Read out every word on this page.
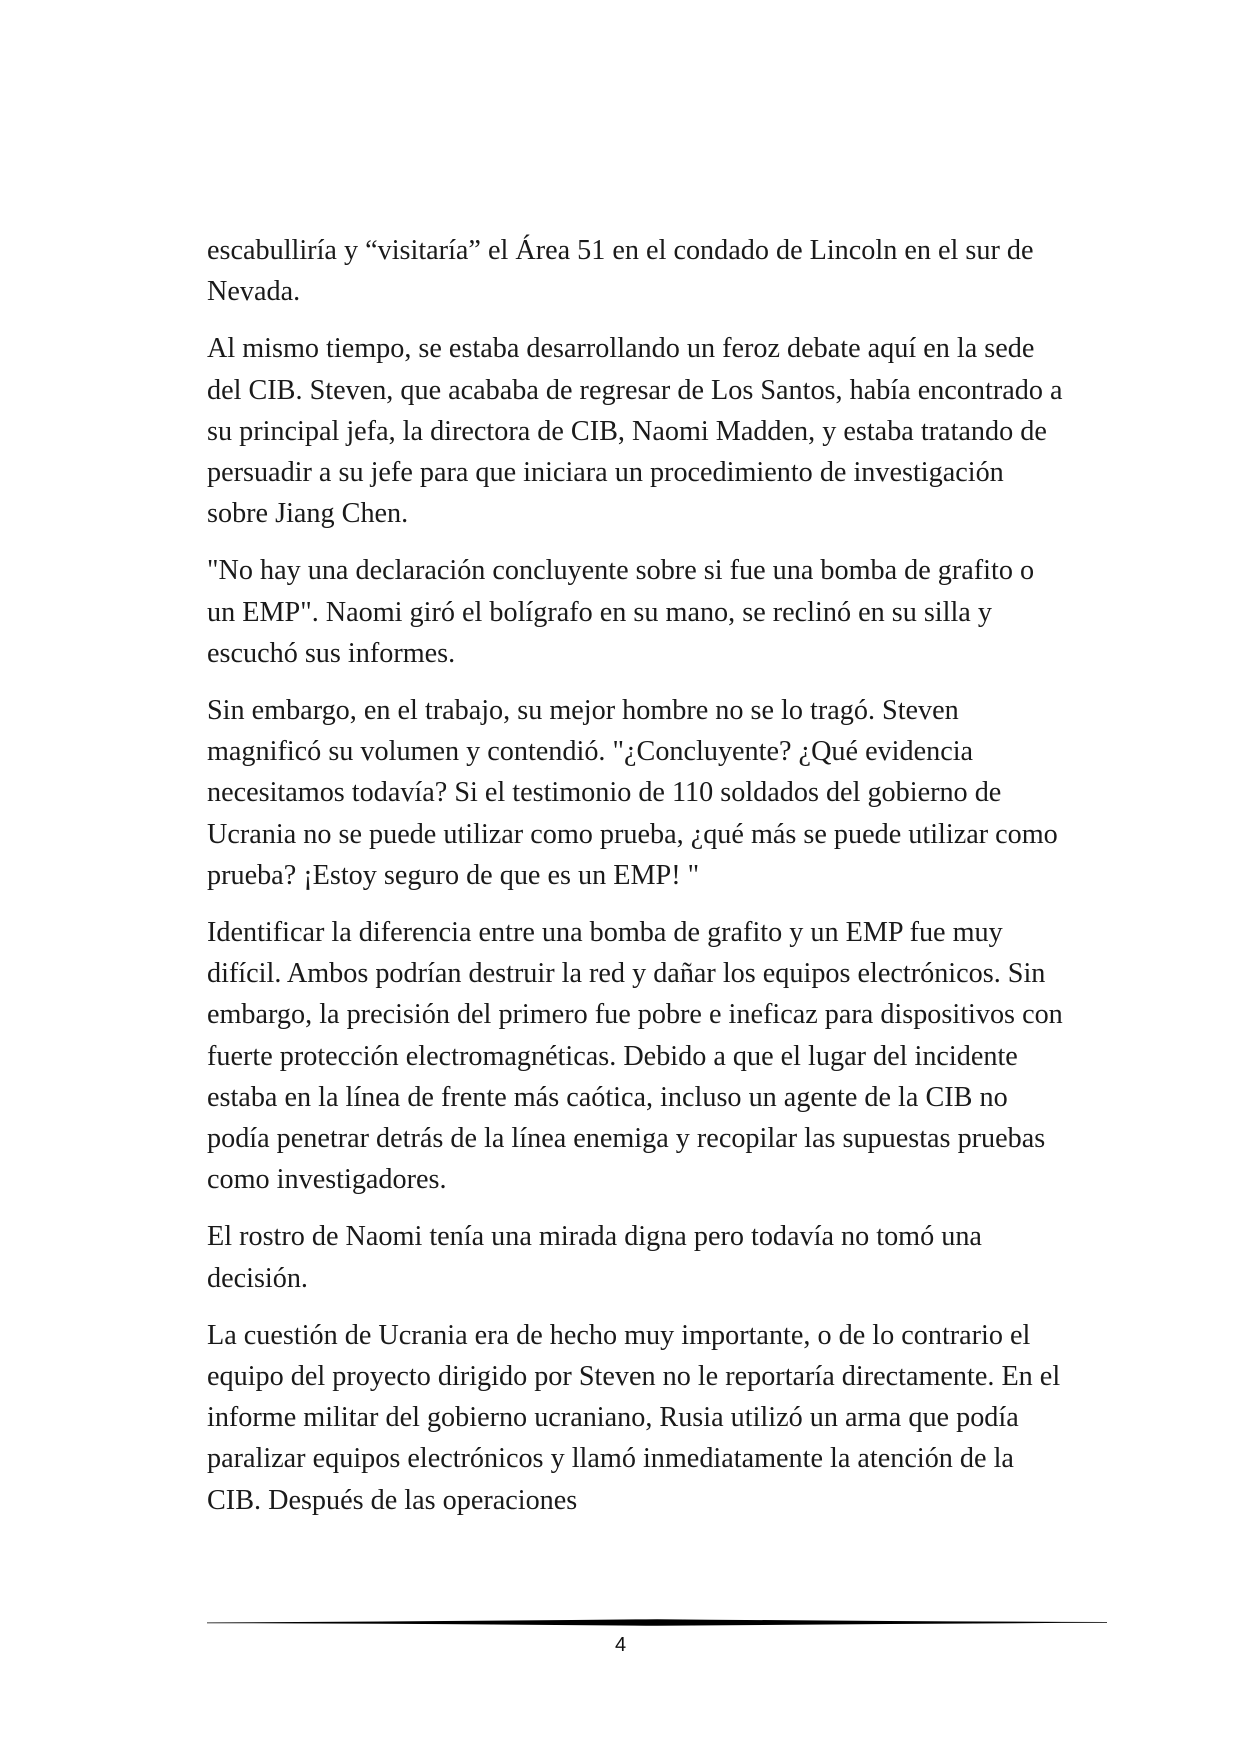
escabulliría y “visitaría” el Área 51 en el condado de Lincoln en el sur de Nevada.

Al mismo tiempo, se estaba desarrollando un feroz debate aquí en la sede del CIB. Steven, que acababa de regresar de Los Santos, había encontrado a su principal jefa, la directora de CIB, Naomi Madden, y estaba tratando de persuadir a su jefe para que iniciara un procedimiento de investigación sobre Jiang Chen.

"No hay una declaración concluyente sobre si fue una bomba de grafito o un EMP". Naomi giró el bolígrafo en su mano, se reclinó en su silla y escuchó sus informes.

Sin embargo, en el trabajo, su mejor hombre no se lo tragó. Steven magnificó su volumen y contendió. "¿Concluyente? ¿Qué evidencia necesitamos todavía? Si el testimonio de 110 soldados del gobierno de Ucrania no se puede utilizar como prueba, ¿qué más se puede utilizar como prueba? ¡Estoy seguro de que es un EMP! "

Identificar la diferencia entre una bomba de grafito y un EMP fue muy difícil. Ambos podrían destruir la red y dañar los equipos electrónicos. Sin embargo, la precisión del primero fue pobre e ineficaz para dispositivos con fuerte protección electromagnéticas. Debido a que el lugar del incidente estaba en la línea de frente más caótica, incluso un agente de la CIB no podía penetrar detrás de la línea enemiga y recopilar las supuestas pruebas como investigadores.

El rostro de Naomi tenía una mirada digna pero todavía no tomó una decisión.

La cuestión de Ucrania era de hecho muy importante, o de lo contrario el equipo del proyecto dirigido por Steven no le reportaría directamente. En el informe militar del gobierno ucraniano, Rusia utilizó un arma que podía paralizar equipos electrónicos y llamó inmediatamente la atención de la CIB. Después de las operaciones

4
